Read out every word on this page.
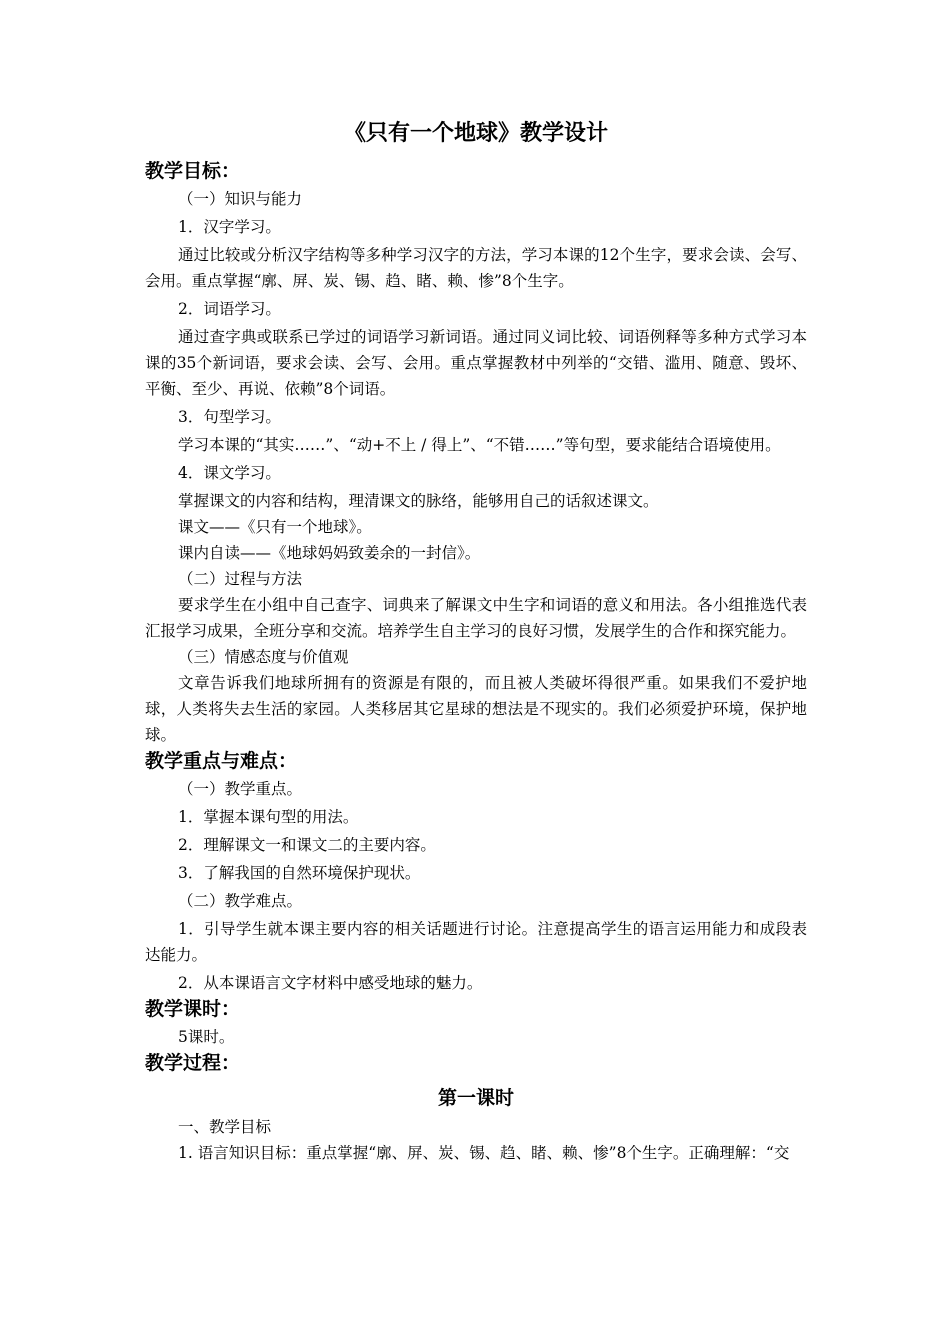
《只有一个地球》教学设计
教学目标：

（一）知识与能力

1．汉字学习。

通过比较或分析汉字结构等多种学习汉字的方法，学习本课的12个生字，要求会读、会写、会用。重点掌握“廓、屏、炭、锡、趋、睹、赖、惨”8个生字。

2．词语学习。

通过查字典或联系已学过的词语学习新词语。通过同义词比较、词语例释等多种方式学习本课的35个新词语，要求会读、会写、会用。重点掌握教材中列举的“交错、滥用、随意、毁坏、平衡、至少、再说、依赖”8个词语。

3．句型学习。

学习本课的“其实……”、“动+不上 / 得上”、“不错……”等句型，要求能结合语境使用。

4．课文学习。

掌握课文的内容和结构，理清课文的脉络，能够用自己的话叙述课文。

课文——《只有一个地球》。

课内自读——《地球妈妈致姜余的一封信》。

（二）过程与方法

要求学生在小组中自己查字、词典来了解课文中生字和词语的意义和用法。各小组推选代表汇报学习成果，全班分享和交流。培养学生自主学习的良好习惯，发展学生的合作和探究能力。

（三）情感态度与价值观

文章告诉我们地球所拥有的资源是有限的，而且被人类破坏得很严重。如果我们不爱护地球，人类将失去生活的家园。人类移居其它星球的想法是不现实的。我们必须爱护环境，保护地球。

教学重点与难点：

（一）教学重点。

1．掌握本课句型的用法。

2．理解课文一和课文二的主要内容。

3．了解我国的自然环境保护现状。

（二）教学难点。

1．引导学生就本课主要内容的相关话题进行讨论。注意提高学生的语言运用能力和成段表达能力。

2．从本课语言文字材料中感受地球的魅力。

教学课时：

5课时。

教学过程：
第一课时

一、教学目标

1. 语言知识目标：重点掌握“廓、屏、炭、锡、趋、睹、赖、惨”8个生字。正确理解：“交
